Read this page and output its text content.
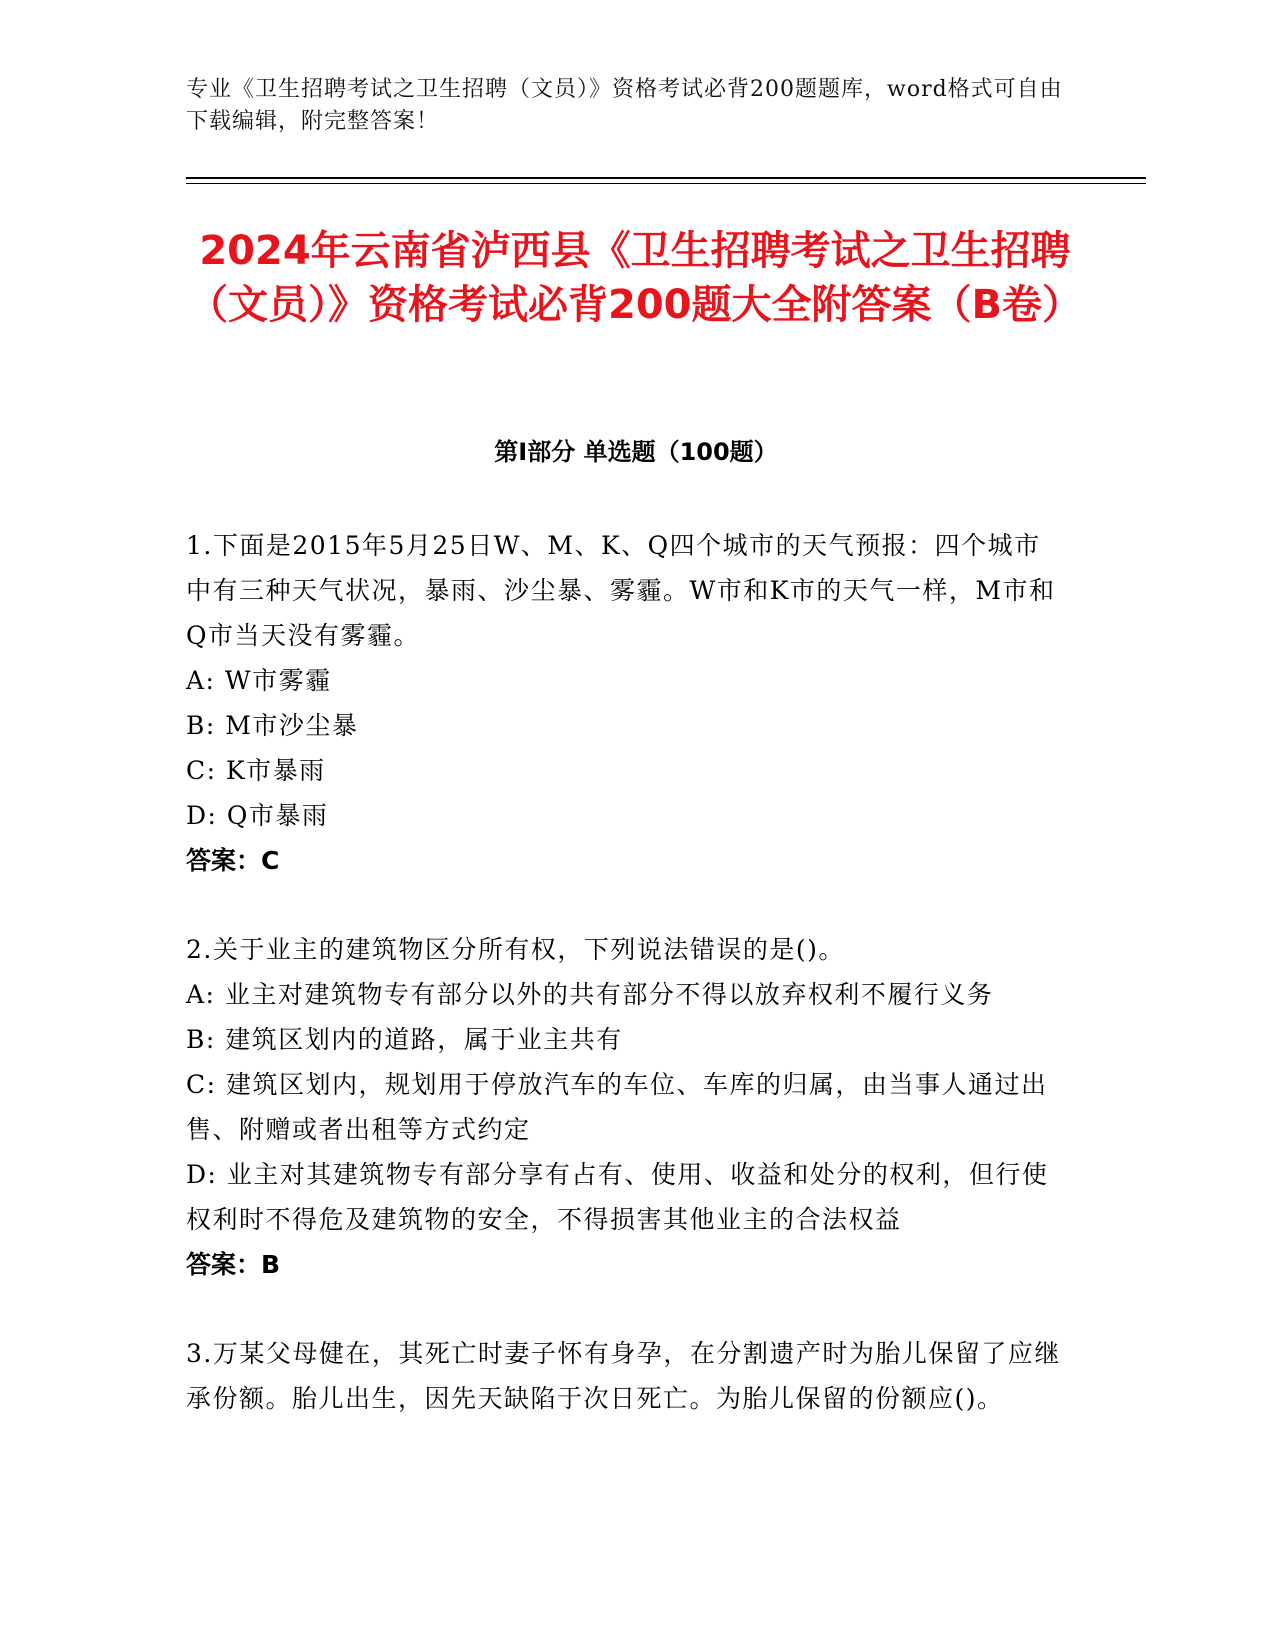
专业《卫生招聘考试之卫生招聘（文员）》资格考试必背200题题库，word格式可自由下载编辑，附完整答案！
2024年云南省泸西县《卫生招聘考试之卫生招聘（文员）》资格考试必背200题大全附答案（B卷）
第I部分 单选题（100题）
1.下面是2015年5月25日W、M、K、Q四个城市的天气预报：四个城市中有三种天气状况，暴雨、沙尘暴、雾霾。W市和K市的天气一样，M市和Q市当天没有雾霾。
A: W市雾霾
B: M市沙尘暴
C: K市暴雨
D: Q市暴雨
答案：C
2.关于业主的建筑物区分所有权，下列说法错误的是()。
A: 业主对建筑物专有部分以外的共有部分不得以放弃权利不履行义务
B: 建筑区划内的道路，属于业主共有
C: 建筑区划内，规划用于停放汽车的车位、车库的归属，由当事人通过出售、附赠或者出租等方式约定
D: 业主对其建筑物专有部分享有占有、使用、收益和处分的权利，但行使权利时不得危及建筑物的安全，不得损害其他业主的合法权益
答案：B
3.万某父母健在，其死亡时妻子怀有身孕，在分割遗产时为胎儿保留了应继承份额。胎儿出生，因先天缺陷于次日死亡。为胎儿保留的份额应()。
